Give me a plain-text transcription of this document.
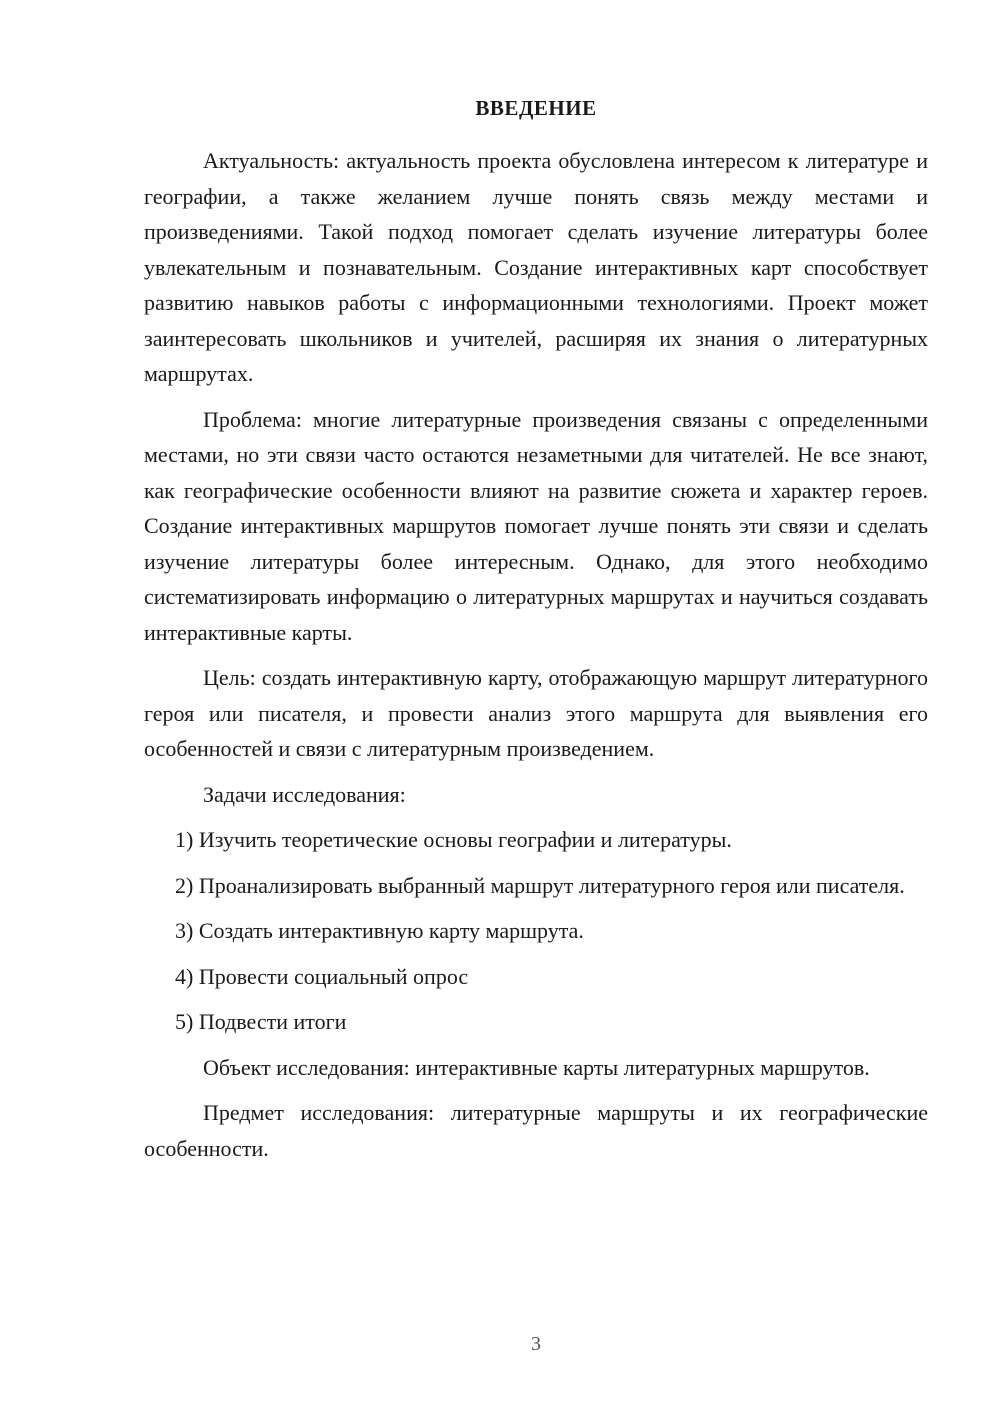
ВВЕДЕНИЕ

Актуальность: актуальность проекта обусловлена интересом к литературе и географии, а также желанием лучше понять связь между местами и произведениями. Такой подход помогает сделать изучение литературы более увлекательным и познавательным. Создание интерактивных карт способствует развитию навыков работы с информационными технологиями. Проект может заинтересовать школьников и учителей, расширяя их знания о литературных маршрутах.

Проблема: многие литературные произведения связаны с определенными местами, но эти связи часто остаются незаметными для читателей. Не все знают, как географические особенности влияют на развитие сюжета и характер героев. Создание интерактивных маршрутов помогает лучше понять эти связи и сделать изучение литературы более интересным. Однако, для этого необходимо систематизировать информацию о литературных маршрутах и научиться создавать интерактивные карты.

Цель: создать интерактивную карту, отображающую маршрут литературного героя или писателя, и провести анализ этого маршрута для выявления его особенностей и связи с литературным произведением.

Задачи исследования:

1) Изучить теоретические основы географии и литературы.

2) Проанализировать выбранный маршрут литературного героя или писателя.

3) Создать интерактивную карту маршрута.

4) Провести социальный опрос

5) Подвести итоги

Объект исследования: интерактивные карты литературных маршрутов.

Предмет исследования: литературные маршруты и их географические особенности.

3
